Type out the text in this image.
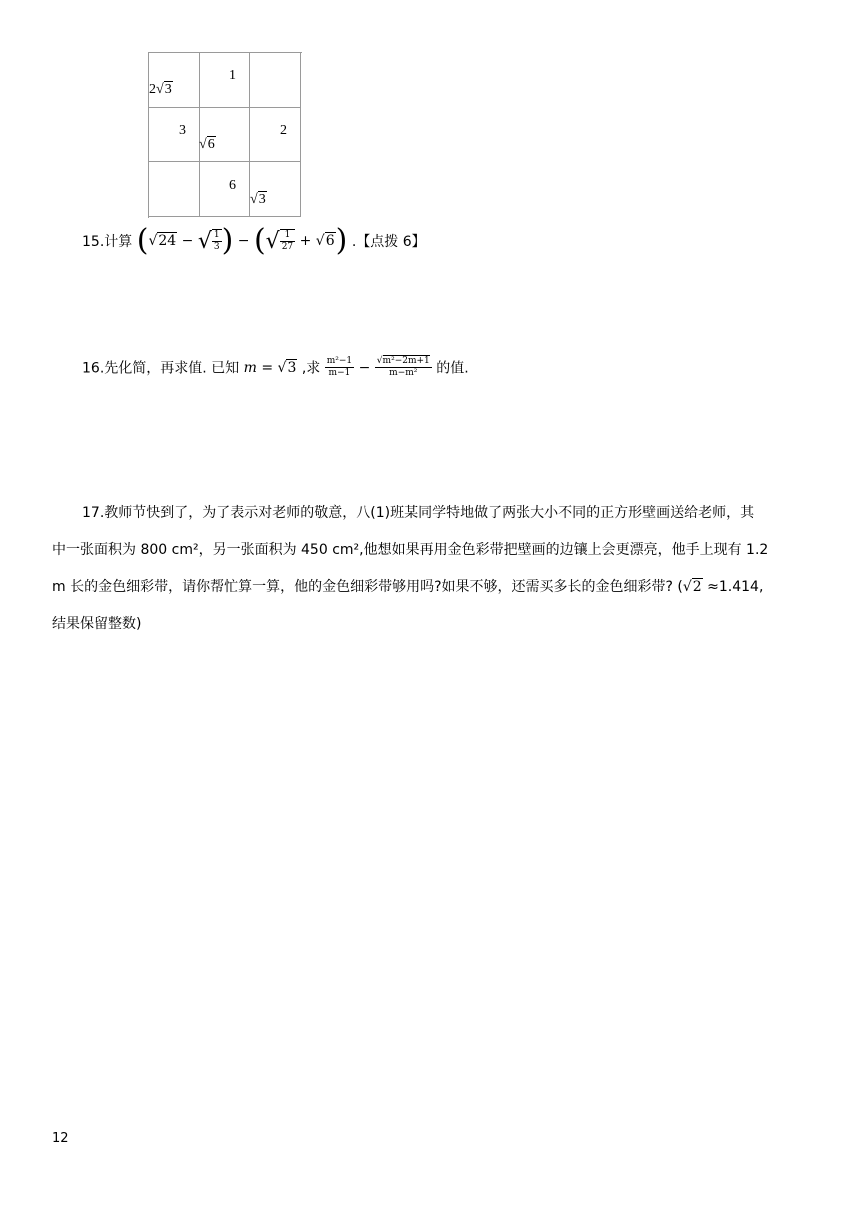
2√3
1
3
√6
2
6
√3
15.计算 (√24 − √ $\frac{1}{3}$ ) − (√ $\frac{1}{27} + √6$) .【点拨 6】
16.先化简，再求值. 已知 m = √3 ,求 $\frac{\text{m²−1}}{m-1} - \frac{\text{√m²−2m+1}}{\text{m−m²}}$ 的值.
17.教师节快到了，为了表示对老师的敬意，八(1)班某同学特地做了两张大小不同的正方形壁画送给老师，其
中一张面积为 800 cm²，另一张面积为 450 cm²,他想如果再用金色彩带把壁画的边镶上会更漂亮，他手上现有 1.2
m 长的金色细彩带，请你帮忙算一算，他的金色细彩带够用吗?如果不够，还需买多长的金色细彩带? (√2 ≈1.414,
结果保留整数)
12
